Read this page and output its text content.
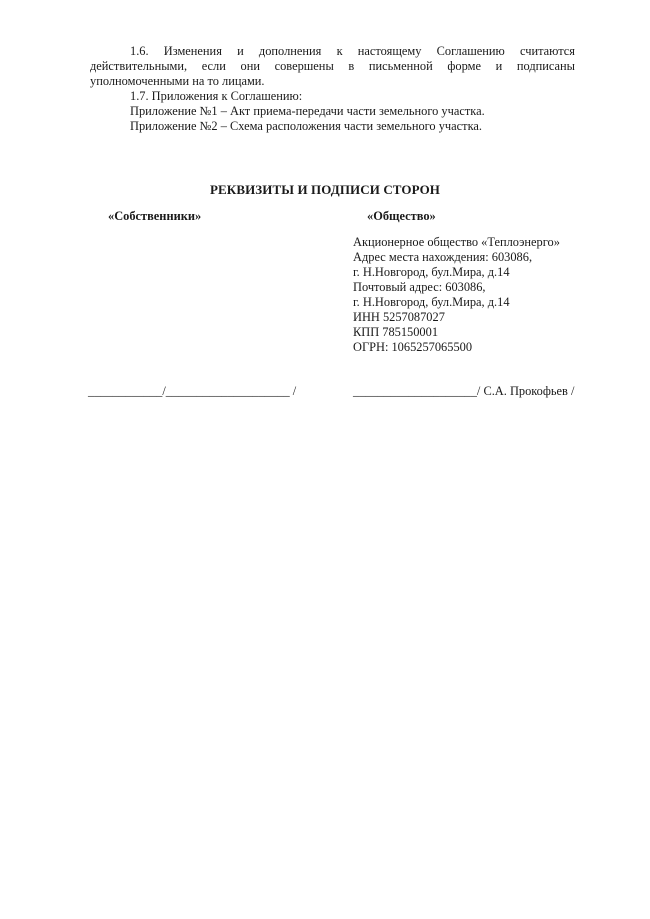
1.6. Изменения и дополнения к настоящему Соглашению считаются действительными, если они совершены в письменной форме и подписаны уполномоченными на то лицами.

1.7. Приложения к Соглашению:

Приложение №1 – Акт приема-передачи части земельного участка.

Приложение №2 – Схема расположения части земельного участка.

РЕКВИЗИТЫ И ПОДПИСИ СТОРОН
«Собственники»	«Общество»
Акционерное общество «Теплоэнерго»
Адрес места нахождения: 603086,
г. Н.Новгород, бул.Мира, д.14
Почтовый адрес: 603086,
г. Н.Новгород, бул.Мира, д.14
ИНН 5257087027
КПП 785150001
ОГРН: 1065257065500
____________/____________________ /	____________________/ С.А. Прокофьев /
